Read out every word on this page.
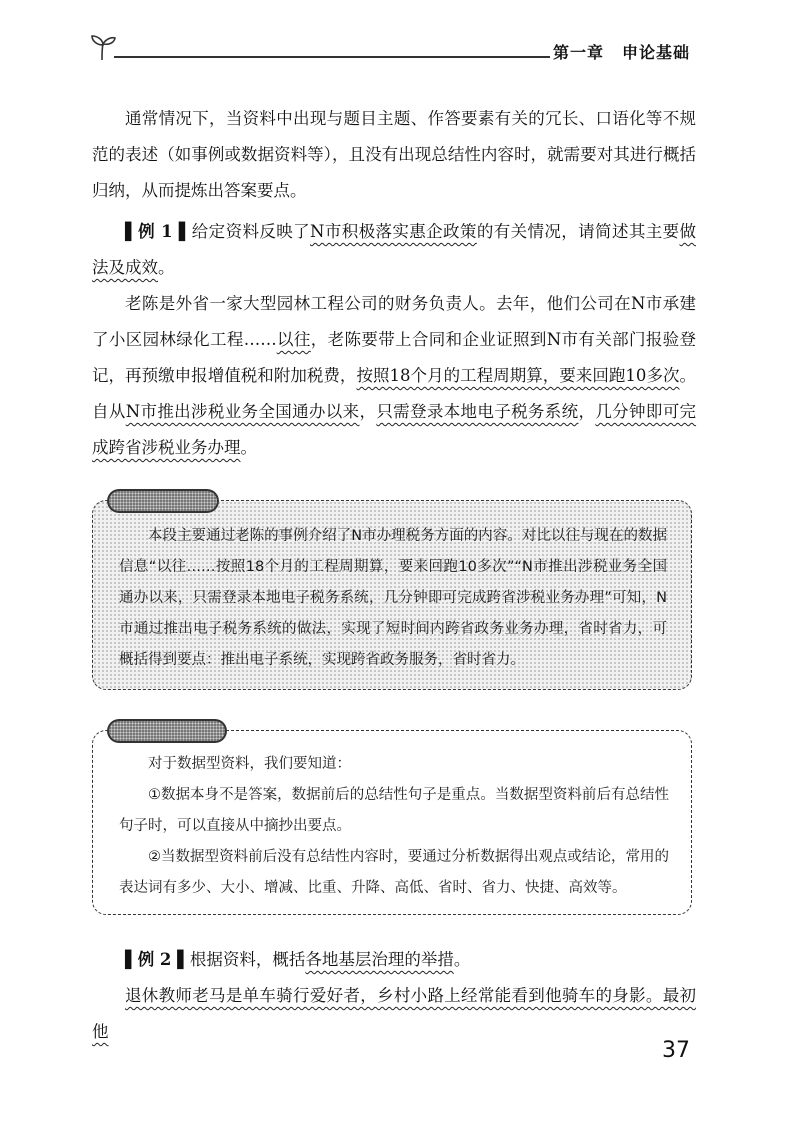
第一章 申论基础

通常情况下，当资料中出现与题目主题、作答要素有关的冗长、口语化等不规范的表述（如事例或数据资料等），且没有出现总结性内容时，就需要对其进行概括归纳，从而提炼出答案要点。

▌例 1 ▌给定资料反映了N市积极落实惠企政策的有关情况，请简述其主要做法及成效。

老陈是外省一家大型园林工程公司的财务负责人。去年，他们公司在N市承建了小区园林绿化工程……以往，老陈要带上合同和企业证照到N市有关部门报验登记，再预缴申报增值税和附加税费，按照18个月的工程周期算，要来回跑10多次。自从N市推出涉税业务全国通办以来，只需登录本地电子税务系统，几分钟即可完成跨省涉税业务办理。

本段主要通过老陈的事例介绍了N市办理税务方面的内容。对比以往与现在的数据信息“以往……按照18个月的工程周期算，要来回跑10多次”“N市推出涉税业务全国通办以来，只需登录本地电子税务系统，几分钟即可完成跨省涉税业务办理”可知，N市通过推出电子税务系统的做法，实现了短时间内跨省政务业务办理，省时省力，可概括得到要点：推出电子系统，实现跨省政务服务，省时省力。

对于数据型资料，我们要知道：

①数据本身不是答案，数据前后的总结性句子是重点。当数据型资料前后有总结性句子时，可以直接从中摘抄出要点。

②当数据型资料前后没有总结性内容时，要通过分析数据得出观点或结论，常用的表达词有多少、大小、增减、比重、升降、高低、省时、省力、快捷、高效等。

▌例 2 ▌根据资料，概括各地基层治理的举措。

退休教师老马是单车骑行爱好者，乡村小路上经常能看到他骑车的身影。最初他

37
